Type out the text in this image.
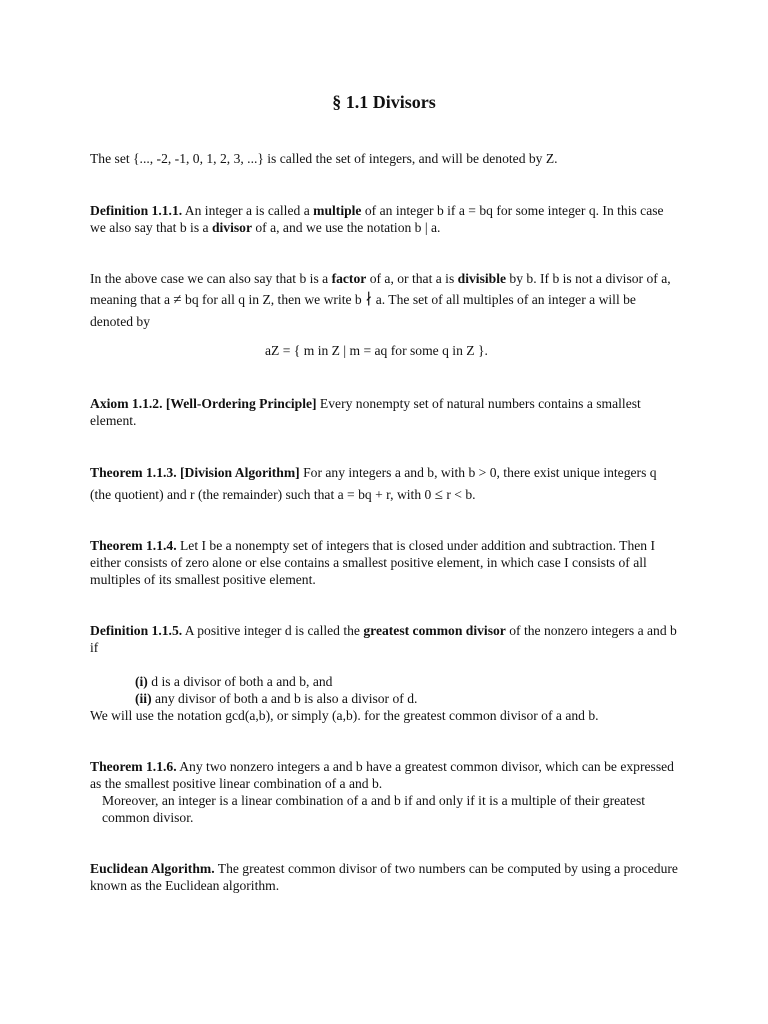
§ 1.1 Divisors
The set {..., -2, -1, 0, 1, 2, 3, ...} is called the set of integers, and will be denoted by Z.
Definition 1.1.1. An integer a is called a multiple of an integer b if a = bq for some integer q. In this case we also say that b is a divisor of a, and we use the notation b | a.
In the above case we can also say that b is a factor of a, or that a is divisible by b. If b is not a divisor of a, meaning that a ≠ bq for all q in Z, then we write b ∤ a. The set of all multiples of an integer a will be denoted by
aZ = { m in Z | m = aq for some q in Z }.
Axiom 1.1.2. [Well-Ordering Principle] Every nonempty set of natural numbers contains a smallest element.
Theorem 1.1.3. [Division Algorithm] For any integers a and b, with b > 0, there exist unique integers q (the quotient) and r (the remainder) such that a = bq + r, with 0 ≤ r < b.
Theorem 1.1.4. Let I be a nonempty set of integers that is closed under addition and subtraction. Then I either consists of zero alone or else contains a smallest positive element, in which case I consists of all multiples of its smallest positive element.
Definition 1.1.5. A positive integer d is called the greatest common divisor of the nonzero integers a and b if
(i) d is a divisor of both a and b, and
(ii) any divisor of both a and b is also a divisor of d.
We will use the notation gcd(a,b), or simply (a,b). for the greatest common divisor of a and b.
Theorem 1.1.6. Any two nonzero integers a and b have a greatest common divisor, which can be expressed as the smallest positive linear combination of a and b.
Moreover, an integer is a linear combination of a and b if and only if it is a multiple of their greatest common divisor.
Euclidean Algorithm. The greatest common divisor of two numbers can be computed by using a procedure known as the Euclidean algorithm.
